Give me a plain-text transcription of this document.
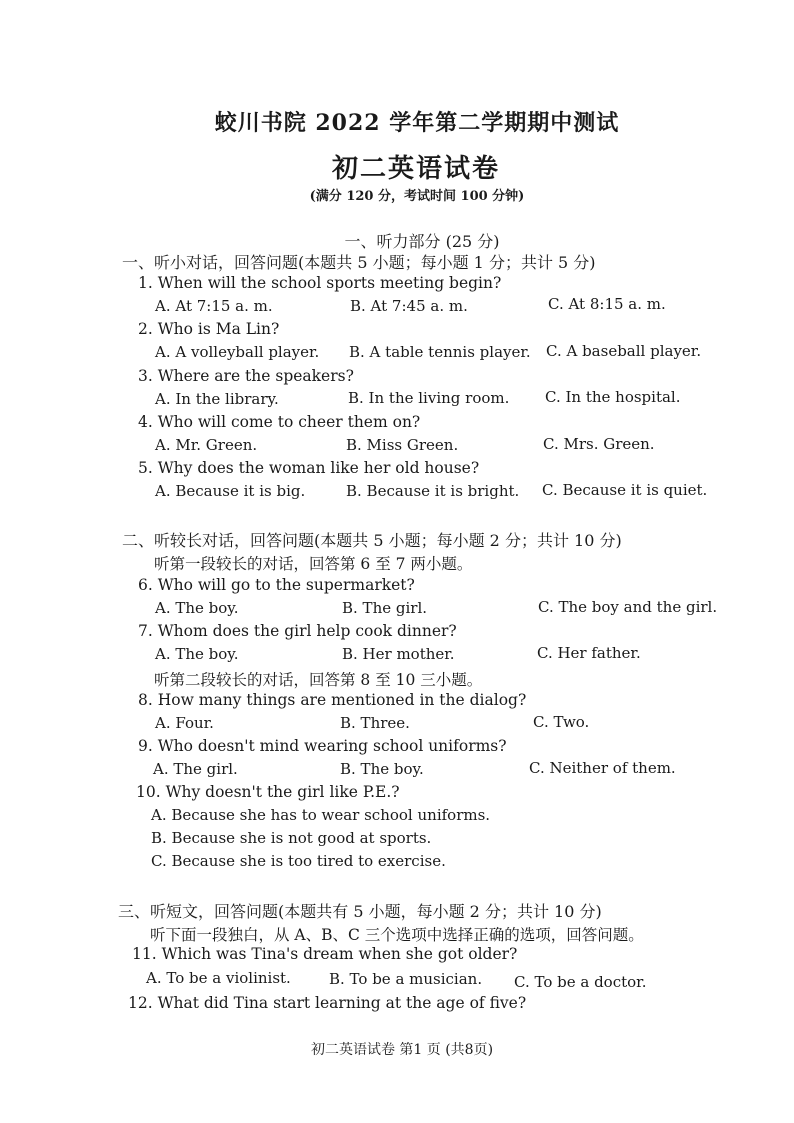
蛟川书院 2022 学年第二学期期中测试
初二英语试卷
(满分 120 分，考试时间 100 分钟)
一、听力部分 (25 分)
一、听小对话，回答问题(本题共 5 小题；每小题 1 分；共计 5 分)
1. When will the school sports meeting begin?
A. At 7:15 a. m.	B. At 7:45 a. m.	C. At 8:15 a. m.
2. Who is Ma Lin?
A. A volleyball player. B. A table tennis player. C. A baseball player.
3. Where are the speakers?
A. In the library.	B. In the living room. C. In the hospital.
4. Who will come to cheer them on?
A. Mr. Green.	B. Miss Green.	C. Mrs. Green.
5. Why does the woman like her old house?
A. Because it is big.	B. Because it is bright. C. Because it is quiet.
二、听较长对话，回答问题(本题共 5 小题；每小题 2 分；共计 10 分)
听第一段较长的对话，回答第 6 至 7 两小题。
6. Who will go to the supermarket?
A. The boy.	B. The girl.	C. The boy and the girl.
7. Whom does the girl help cook dinner?
A. The boy.	B. Her mother.	C. Her father.
听第二段较长的对话，回答第 8 至 10 三小题。
8. How many things are mentioned in the dialog?
A. Four.	B. Three.	C. Two.
9. Who doesn't mind wearing school uniforms?
A. The girl.	B. The boy.	C. Neither of them.
10. Why doesn't the girl like P.E.?
A. Because she has to wear school uniforms.
B. Because she is not good at sports.
C. Because she is too tired to exercise.
三、听短文，回答问题(本题共有 5 小题，每小题 2 分；共计 10 分)
听下面一段独白，从 A、B、C 三个选项中选择正确的选项，回答问题。
11. Which was Tina's dream when she got older?
A. To be a violinist.	B. To be a musician. C. To be a doctor.
12. What did Tina start learning at the age of five?
初二英语试卷 第1 页 (共8页)
